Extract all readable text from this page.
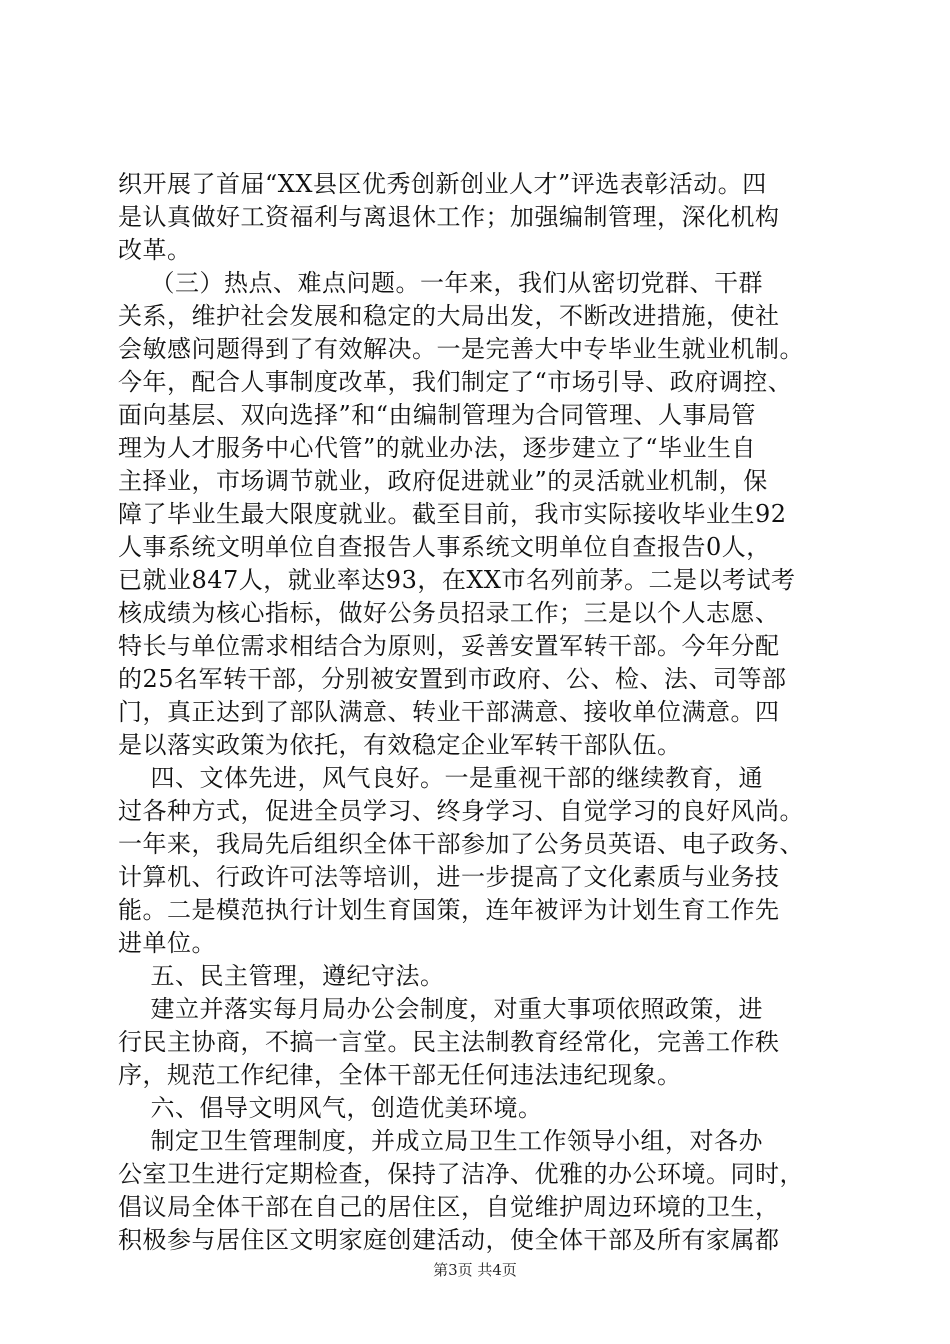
织开展了首届“XX县区优秀创新创业人才”评选表彰活动。四
是认真做好工资福利与离退休工作；加强编制管理，深化机构
改革。
（三）热点、难点问题。一年来，我们从密切党群、干群
关系，维护社会发展和稳定的大局出发，不断改进措施，使社
会敏感问题得到了有效解决。一是完善大中专毕业生就业机制。
今年，配合人事制度改革，我们制定了“市场引导、政府调控、
面向基层、双向选择”和“由编制管理为合同管理、人事局管
理为人才服务中心代管”的就业办法，逐步建立了“毕业生自
主择业，市场调节就业，政府促进就业”的灵活就业机制，保
障了毕业生最大限度就业。截至目前，我市实际接收毕业生92
人事系统文明单位自查报告人事系统文明单位自查报告0人，
已就业847人，就业率达93，在XX市名列前茅。二是以考试考
核成绩为核心指标，做好公务员招录工作；三是以个人志愿、
特长与单位需求相结合为原则，妥善安置军转干部。今年分配
的25名军转干部，分别被安置到市政府、公、检、法、司等部
门，真正达到了部队满意、转业干部满意、接收单位满意。四
是以落实政策为依托，有效稳定企业军转干部队伍。
四、文体先进，风气良好。一是重视干部的继续教育，通
过各种方式，促进全员学习、终身学习、自觉学习的良好风尚。
一年来，我局先后组织全体干部参加了公务员英语、电子政务、
计算机、行政许可法等培训，进一步提高了文化素质与业务技
能。二是模范执行计划生育国策，连年被评为计划生育工作先
进单位。
五、民主管理，遵纪守法。
建立并落实每月局办公会制度，对重大事项依照政策，进
行民主协商，不搞一言堂。民主法制教育经常化，完善工作秩
序，规范工作纪律，全体干部无任何违法违纪现象。
六、倡导文明风气，创造优美环境。
制定卫生管理制度，并成立局卫生工作领导小组，对各办
公室卫生进行定期检查，保持了洁净、优雅的办公环境。同时，
倡议局全体干部在自己的居住区，自觉维护周边环境的卫生，
积极参与居住区文明家庭创建活动，使全体干部及所有家属都
第3页 共4页
